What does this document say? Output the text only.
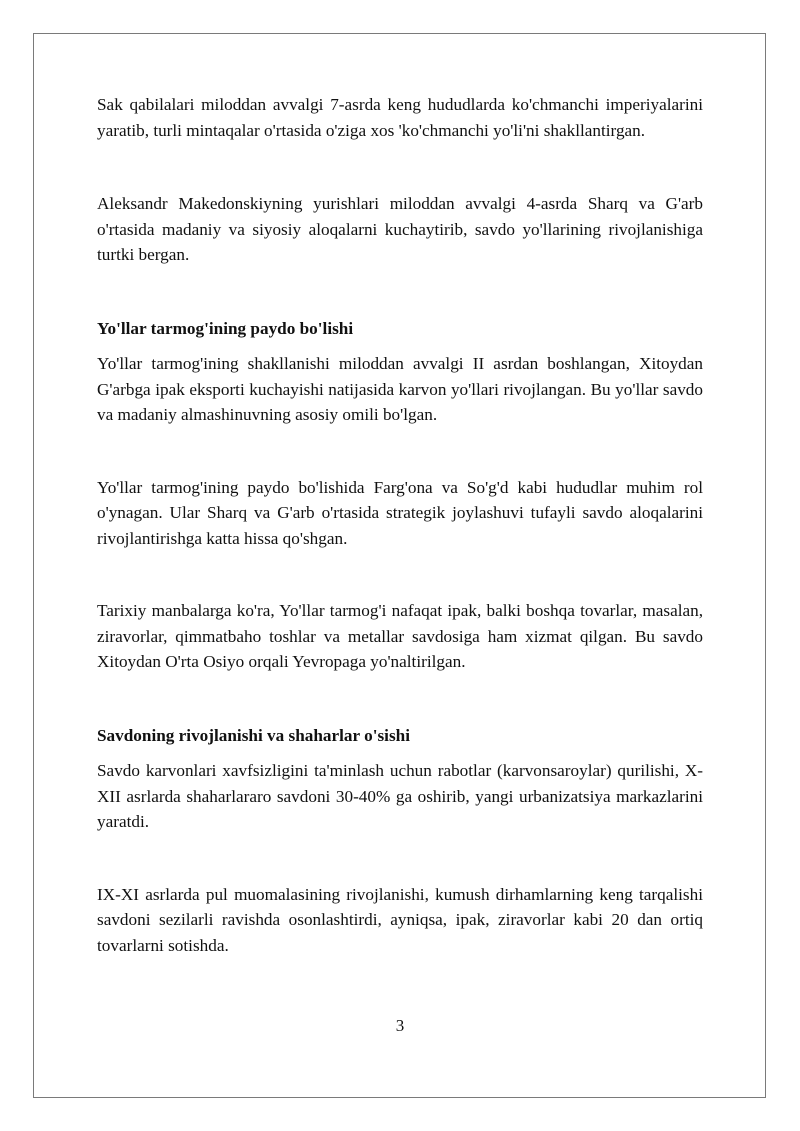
Sak qabilalari miloddan avvalgi 7-asrda keng hududlarda ko'chmanchi imperiyalarini yaratib, turli mintaqalar o'rtasida o'ziga xos 'ko'chmanchi yo'li'ni shakllantirgan.

Aleksandr Makedonskiyning yurishlari miloddan avvalgi 4-asrda Sharq va G'arb o'rtasida madaniy va siyosiy aloqalarni kuchaytirib, savdo yo'llarining rivojlanishiga turtki bergan.

Yo'llar tarmog'ining paydo bo'lishi

Yo'llar tarmog'ining shakllanishi miloddan avvalgi II asrdan boshlangan, Xitoydan G'arbga ipak eksporti kuchayishi natijasida karvon yo'llari rivojlangan. Bu yo'llar savdo va madaniy almashinuvning asosiy omili bo'lgan.

Yo'llar tarmog'ining paydo bo'lishida Farg'ona va So'g'd kabi hududlar muhim rol o'ynagan. Ular Sharq va G'arb o'rtasida strategik joylashuvi tufayli savdo aloqalarini rivojlantirishga katta hissa qo'shgan.

Tarixiy manbalarga ko'ra, Yo'llar tarmog'i nafaqat ipak, balki boshqa tovarlar, masalan, ziravorlar, qimmatbaho toshlar va metallar savdosiga ham xizmat qilgan. Bu savdo Xitoydan O'rta Osiyo orqali Yevropaga yo'naltirilgan.

Savdoning rivojlanishi va shaharlar o'sishi

Savdo karvonlari xavfsizligini ta'minlash uchun rabotlar (karvonsaroylar) qurilishi, X-XII asrlarda shaharlararo savdoni 30-40% ga oshirib, yangi urbanizatsiya markazlarini yaratdi.

IX-XI asrlarda pul muomalasining rivojlanishi, kumush dirhamlarning keng tarqalishi savdoni sezilarli ravishda osonlashtirdi, ayniqsa, ipak, ziravorlar kabi 20 dan ortiq tovarlarni sotishda.

3
